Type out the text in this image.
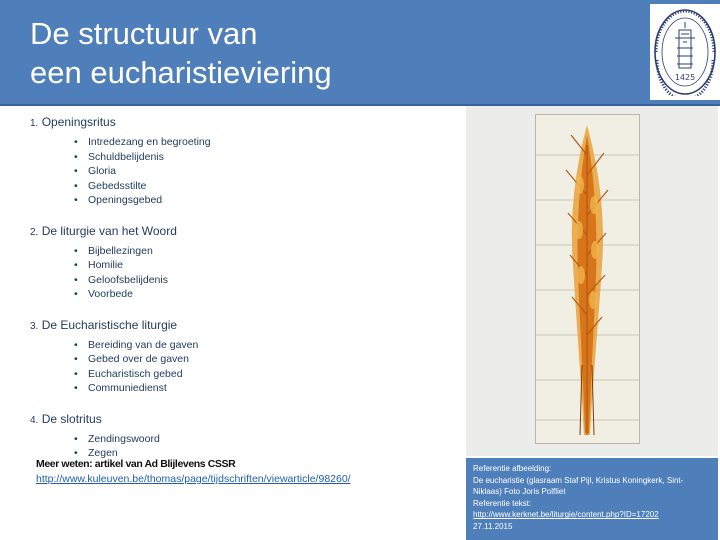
De structuur van
een eucharistieviering	1425
1. Openingsritus
• Intredezang en begroeting
• Schuldbelijdenis
• Gloria
• Gebedsstilte
• Openingsgebed
2. De liturgie van het Woord
• Bijbellezingen
• Homilie
• Geloofsbelijdenis
• Voorbede
3. De Eucharistische liturgie
• Bereiding van de gaven
• Gebed over de gaven
• Eucharistisch gebed
• Communiedienst
4. De slotritus
• Zendingswoord
• Zegen
Meer weten: artikel van Ad Blijlevens CSSR
http://www.kuleuven.be/thomas/page/tijdschriften/viewarticle/98260/
Referentie afbeelding:
De eucharistie (glasraam Staf Pijl, Kristus Koningkerk, Sint-Niklaas) Foto Joris Polfliet
Referentie tekst:
http://www.kerknet.be/liturgie/content.php?ID=17202
27.11.2015
